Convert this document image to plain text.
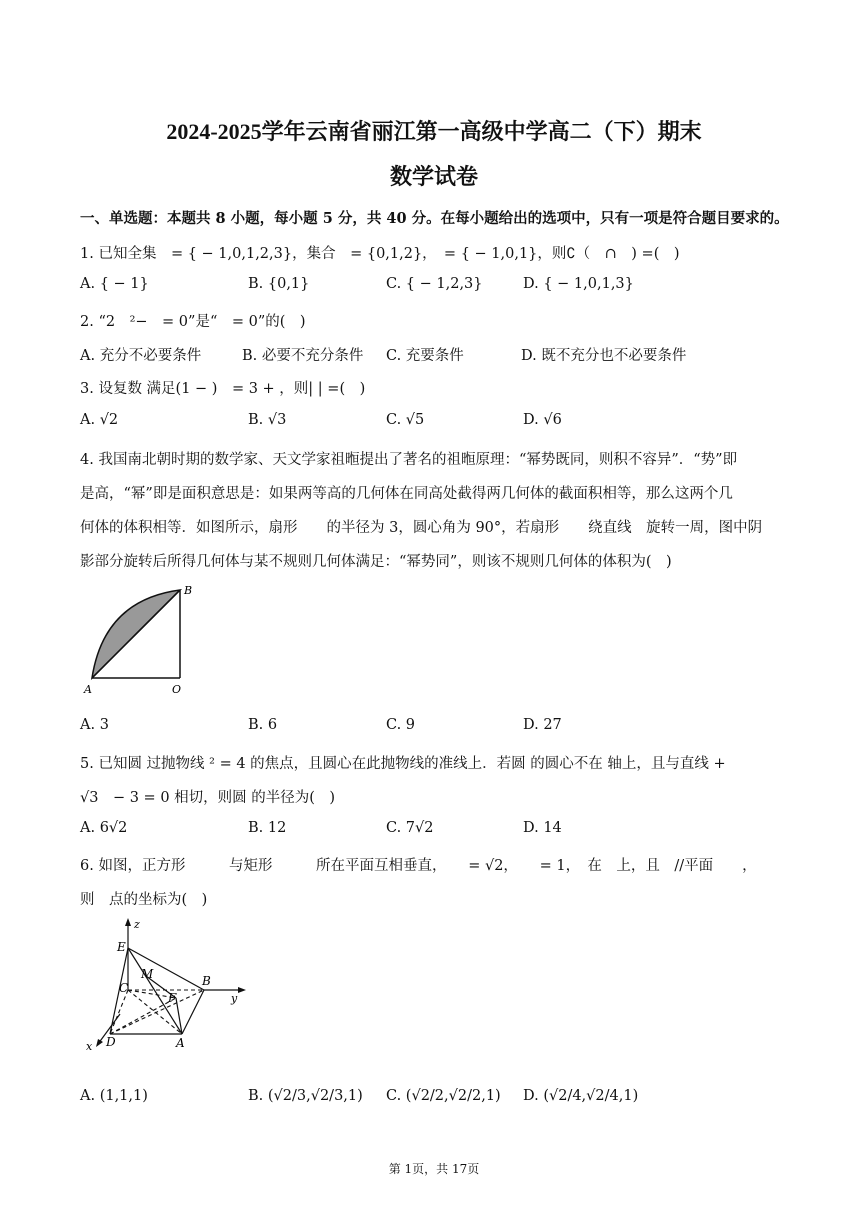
2024-2025学年云南省丽江第一高级中学高二（下）期末
数学试卷
一、单选题：本题共 8 小题，每小题 5 分，共 40 分。在每小题给出的选项中，只有一项是符合题目要求的。
1. 已知全集　= { − 1,0,1,2,3}，集合　= {0,1,2}，　= { − 1,0,1}，则∁（　∩　) =(　)
A. { − 1}	B. {0,1}	C. { − 1,2,3}	D. { − 1,0,1,3}
2. “2　²−　= 0”是“　= 0”的(　)
A. 充分不必要条件	B. 必要不充分条件 C. 充要条件	D. 既不充分也不必要条件
3. 设复数 满足(1 − )　= 3 + ，则| | =(　)
A. √2	B. √3	C. √5	D. √6
4. 我国南北朝时期的数学家、天文学家祖暅提出了著名的祖暅原理：“幂势既同，则积不容异”．“势”即
是高，“幂”即是面积意思是：如果两等高的几何体在同高处截得两几何体的截面积相等，那么这两个几
何体的体积相等．如图所示，扇形　　的半径为 3，圆心角为 90°，若扇形　　绕直线　旋转一周，图中阴
影部分旋转后所得几何体与某不规则几何体满足：“幂势同”，则该不规则几何体的体积为(　)
A
B
O
A. 3	B. 6	C. 9	D. 27
5. 已知圆 过抛物线 ² = 4 的焦点，且圆心在此抛物线的准线上．若圆 的圆心不在 轴上，且与直线 +
√3　− 3 = 0 相切，则圆 的半径为(　)
A. 6√2	B. 12	C. 7√2	D. 14
6. 如图，正方形　　　与矩形　　　所在平面互相垂直，　　= √2，　　= 1，　在　上，且　//平面　　，
则　点的坐标为(　)
z
y
x
E
M	B
C
F
D	A
A. (1,1,1)	B. (√2/3,√2/3,1) C. (√2/2,√2/2,1) D. (√2/4,√2/4,1)
第 1页，共 17页
